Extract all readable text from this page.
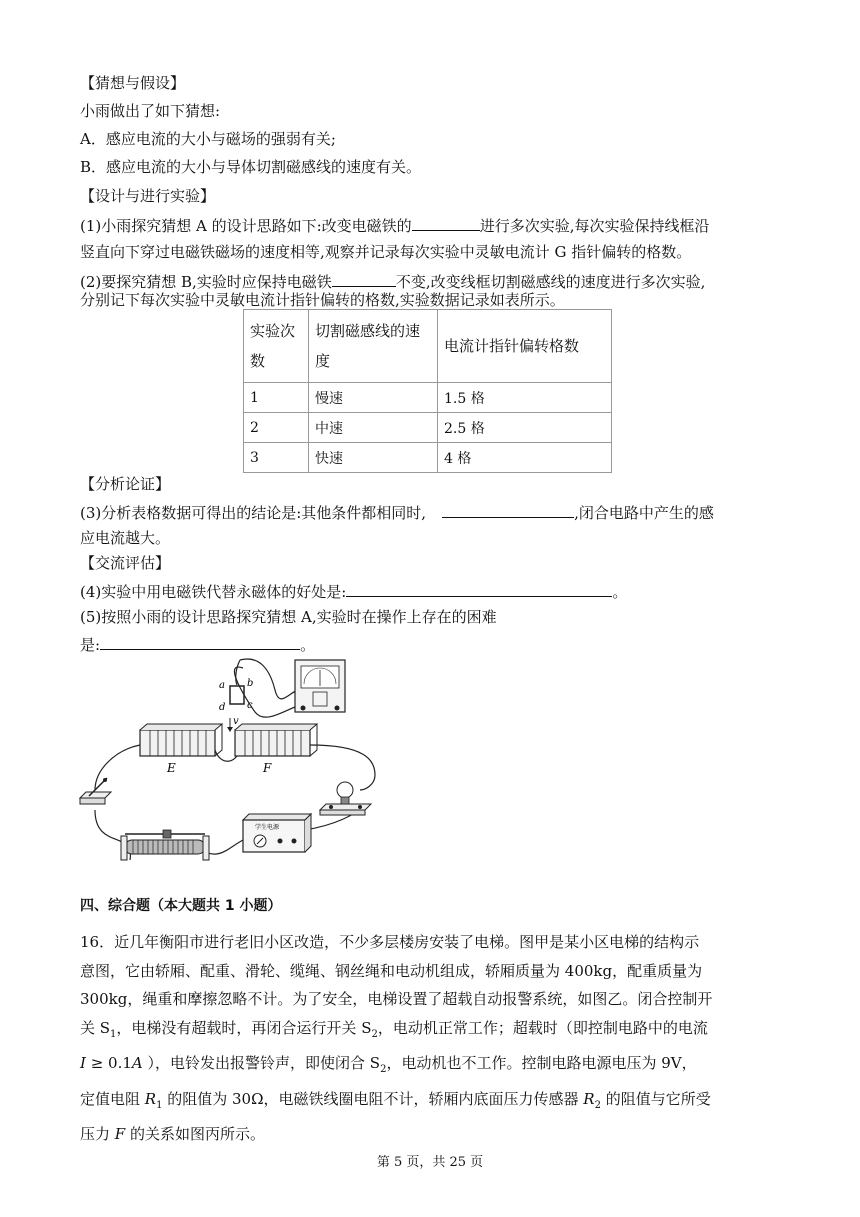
【猜想与假设】
小雨做出了如下猜想:
A．感应电流的大小与磁场的强弱有关;
B．感应电流的大小与导体切割磁感线的速度有关。
【设计与进行实验】
(1)小雨探究猜想 A 的设计思路如下:改变电磁铁的	进行多次实验,每次实验保持线框沿
竖直向下穿过电磁铁磁场的速度相等,观察并记录每次实验中灵敏电流计 G 指针偏转的格数。
(2)要探究猜想 B,实验时应保持电磁铁	不变,改变线框切割磁感线的速度进行多次实验,
分别记下每次实验中灵敏电流计指针偏转的格数,实验数据记录如表所示。
实验次数	切割磁感线的速度	电流计指针偏转格数
1	慢速	1.5 格
2	中速	2.5 格
3	快速	4 格
【分析论证】
(3)分析表格数据可得出的结论是:其他条件都相同时,	,闭合电路中产生的感
应电流越大。
【交流评估】
(4)实验中用电磁铁代替永磁体的好处是:	。
(5)按照小雨的设计思路探究猜想 A,实验时在操作上存在的困难
是:	。
a b
c
d
v
E	F
学生电源
四、综合题（本大题共 1 小题）
16．近几年衡阳市进行老旧小区改造，不少多层楼房安装了电梯。图甲是某小区电梯的结构示
意图，它由轿厢、配重、滑轮、缆绳、钢丝绳和电动机组成，轿厢质量为 400kg，配重质量为
300kg，绳重和摩擦忽略不计。为了安全，电梯设置了超载自动报警系统，如图乙。闭合控制开
关 $S_1$，电梯没有超载时，再闭合运行开关 $S_2$，电动机正常工作；超载时（即控制电路中的电流
I ≥ 0.1A ），电铃发出报警铃声，即使闭合 $S_2$，电动机也不工作。控制电路电源电压为 9V，
定值电阻 $R_1$ 的阻值为 30Ω，电磁铁线圈电阻不计，轿厢内底面压力传感器 $R_2$ 的阻值与它所受
压力 F 的关系如图丙所示。
第 5 页，共 25 页
